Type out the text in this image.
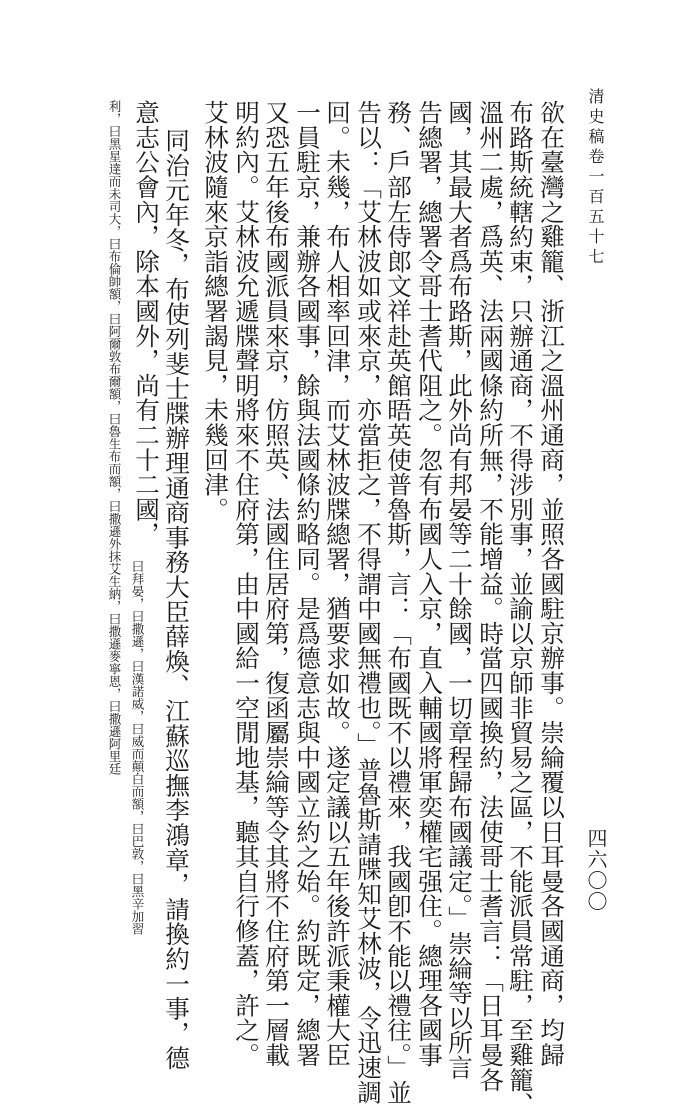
清史稿卷一百五十七
四六〇〇
欲在臺灣之雞籠、浙江之溫州通商，並照各國駐京辦事。崇綸覆以日耳曼各國通商，均歸
布路斯統轄約束，只辦通商，不得涉別事，並諭以京師非貿易之區，不能派員常駐，至雞籠、
溫州二處，爲英、法兩國條約所無，不能增益。時當四國換約，法使哥士耆言：「日耳曼各
國，其最大者爲布路斯，此外尚有邦晏等二十餘國，一切章程歸布國議定。」崇綸等以所言
告總署，總署令哥士耆代阻之。忽有布國人入京，直入輔國將軍奕權宅强住。總理各國事
務、戶部左侍郎文祥赴英館晤英使普魯斯，言：「布國既不以禮來，我國卽不能以禮往。」並
告以：「艾林波如或來京，亦當拒之，不得謂中國無禮也。」普魯斯請牒知艾林波，令迅速調
回。未幾，布人相率回津，而艾林波牒總署，猶要求如故。遂定議以五年後許派秉權大臣
一員駐京，兼辦各國事，餘與法國條約略同。是爲德意志與中國立約之始。約既定，總署
又恐五年後布國派員來京，仿照英、法國住居府第，復函屬崇綸等令其將不住府第一層載
明約內。艾林波允遞牒聲明將來不住府第，由中國給一空閒地基，聽其自行修蓋，許之。
艾林波隨來京詣總署謁見，未幾回津。
同治元年冬，布使列斐士牒辦理通商事務大臣薛煥、江蘇巡撫李鴻章，請換約一事，德
意志公會內，除本國外，尚有二十二國，
曰拜晏，曰撒遜，曰漢諾威，曰威而顛白而額，曰巴敦，曰黑辛加習
利，曰黑星達而未司大，曰布倫帥額，曰阿爾敦布爾額，曰魯生布而額，曰撒遜外抹艾生納，曰撒遜麥寧恩，曰撒遜阿里廷
